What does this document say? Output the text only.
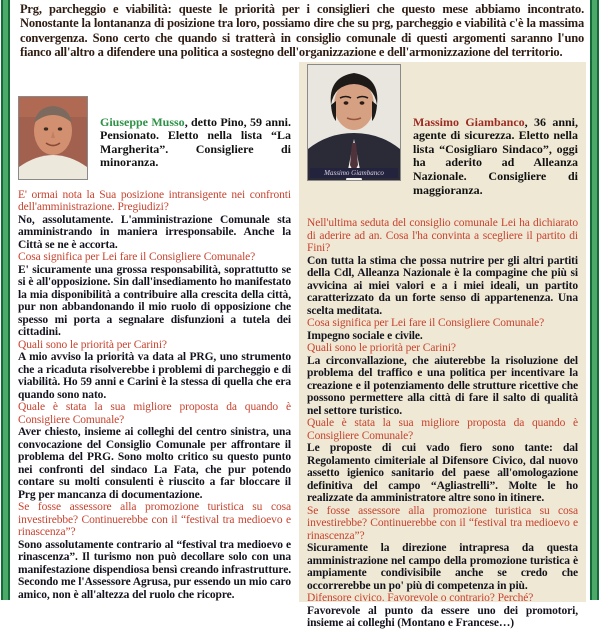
Prg, parcheggio e viabilità: queste le priorità per i consiglieri che questo mese abbiamo incontrato. Nonostante la lontananza di posizione tra loro, possiamo dire che su prg, parcheggio e viabilità c'è la massima convergenza. Sono certo che quando si tratterà in consiglio comunale di questi argomenti saranno l'uno fianco all'altro a difendere una politica a sostegno dell'organizzazione e dell'armonizzazione del territorio.
Giuseppe Musso, detto Pino, 59 anni. Pensionato. Eletto nella lista “La Margherita”. Consigliere di minoranza.
E' ormai nota la Sua posizione intransigente nei confronti dell'amministrazione. Pregiudizi?
No, assolutamente. L'amministrazione Comunale sta amministrando in maniera irresponsabile. Anche la Città se ne è accorta.
Cosa significa per Lei fare il Consigliere Comunale?
E' sicuramente una grossa responsabilità, soprattutto se si è all'opposizione. Sin dall'insediamento ho manifestato la mia disponibilità a contribuire alla crescita della città, pur non abbandonando il mio ruolo di opposizione che spesso mi porta a segnalare disfunzioni a tutela dei cittadini.
Quali sono le priorità per Carini?
A mio avviso la priorità va data al PRG, uno strumento che a ricaduta risolverebbe i problemi di parcheggio e di viabilità. Ho 59 anni e Carini è la stessa di quella che era quando sono nato.
Quale è stata la sua migliore proposta da quando è Consigliere Comunale?
Aver chiesto, insieme ai colleghi del centro sinistra, una convocazione del Consiglio Comunale per affrontare il problema del PRG. Sono molto critico su questo punto nei confronti del sindaco La Fata, che pur potendo contare su molti consulenti è riuscito a far bloccare il Prg per mancanza di documentazione.
Se fosse assessore alla promozione turistica su cosa investirebbe? Continuerebbe con il “festival tra medioevo e rinascenza”?
Sono assolutamente contrario al “festival tra medioevo e rinascenza”. Il turismo non può decollare solo con una manifestazione dispendiosa bensì creando infrastrutture. Secondo me l'Assessore Agrusa, pur essendo un mio caro amico, non è all'altezza del ruolo che ricopre.
Massimo Giambanco
Massimo Giambanco, 36 anni, agente di sicurezza. Eletto nella lista “Cosigliaro Sindaco”, oggi ha aderito ad Alleanza Nazionale. Consigliere di maggioranza.
Nell'ultima seduta del consiglio comunale Lei ha dichiarato di aderire ad an. Cosa l'ha convinta a scegliere il partito di Fini?
Con tutta la stima che possa nutrire per gli altri partiti della Cdl, Alleanza Nazionale è la compagine che più si avvicina ai miei valori e a i miei ideali, un partito caratterizzato da un forte senso di appartenenza. Una scelta meditata.
Cosa significa per Lei fare il Consigliere Comunale?
Impegno sociale e civile.
Quali sono le priorità per Carini?
La circonvallazione, che aiuterebbe la risoluzione del problema del traffico e una politica per incentivare la creazione e il potenziamento delle strutture ricettive che possono permettere alla città di fare il salto di qualità nel settore turistico.
Quale è stata la sua migliore proposta da quando è Consigliere Comunale?
Le proposte di cui vado fiero sono tante: dal Regolamento cimiteriale al Difensore Civico, dal nuovo assetto igienico sanitario del paese all'omologazione definitiva del campo “Agliastrelli”. Molte le ho realizzate da amministratore altre sono in itinere.
Se fosse assessore alla promozione turistica su cosa investirebbe? Continuerebbe con il “festival tra medioevo e rinascenza”?
Sicuramente la direzione intrapresa da questa amministrazione nel campo della promozione turistica è ampiamente condivisibile anche se credo che occorrerebbe un po' più di competenza in più.
Difensore civico. Favorevole o contrario? Perché?
Favorevole al punto da essere uno dei promotori, insieme ai colleghi (Montano e Francese…)
